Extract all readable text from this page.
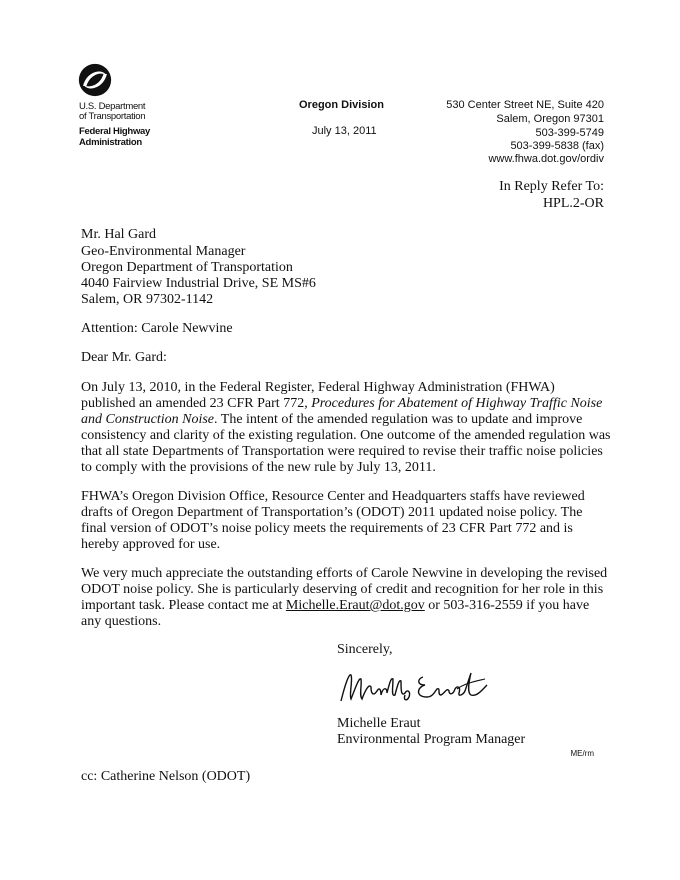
U.S. Department
of Transportation
Federal Highway
Administration
Oregon Division
July 13, 2011
530 Center Street NE, Suite 420
Salem, Oregon 97301
503-399-5749
503-399-5838 (fax)
www.fhwa.dot.gov/ordiv
In Reply Refer To:
HPL.2-OR
Mr. Hal Gard
Geo-Environmental Manager
Oregon Department of Transportation
4040 Fairview Industrial Drive, SE MS#6
Salem, OR 97302-1142
Attention: Carole Newvine
Dear Mr. Gard:
On July 13, 2010, in the Federal Register, Federal Highway Administration (FHWA) published an amended 23 CFR Part 772, Procedures for Abatement of Highway Traffic Noise and Construction Noise. The intent of the amended regulation was to update and improve consistency and clarity of the existing regulation. One outcome of the amended regulation was that all state Departments of Transportation were required to revise their traffic noise policies to comply with the provisions of the new rule by July 13, 2011.
FHWA’s Oregon Division Office, Resource Center and Headquarters staffs have reviewed drafts of Oregon Department of Transportation’s (ODOT) 2011 updated noise policy. The final version of ODOT’s noise policy meets the requirements of 23 CFR Part 772 and is hereby approved for use.
We very much appreciate the outstanding efforts of Carole Newvine in developing the revised ODOT noise policy. She is particularly deserving of credit and recognition for her role in this important task. Please contact me at Michelle.Eraut@dot.gov or 503-316-2559 if you have any questions.
Sincerely,
Michelle Eraut
Environmental Program Manager
ME/rm
cc: Catherine Nelson (ODOT)
